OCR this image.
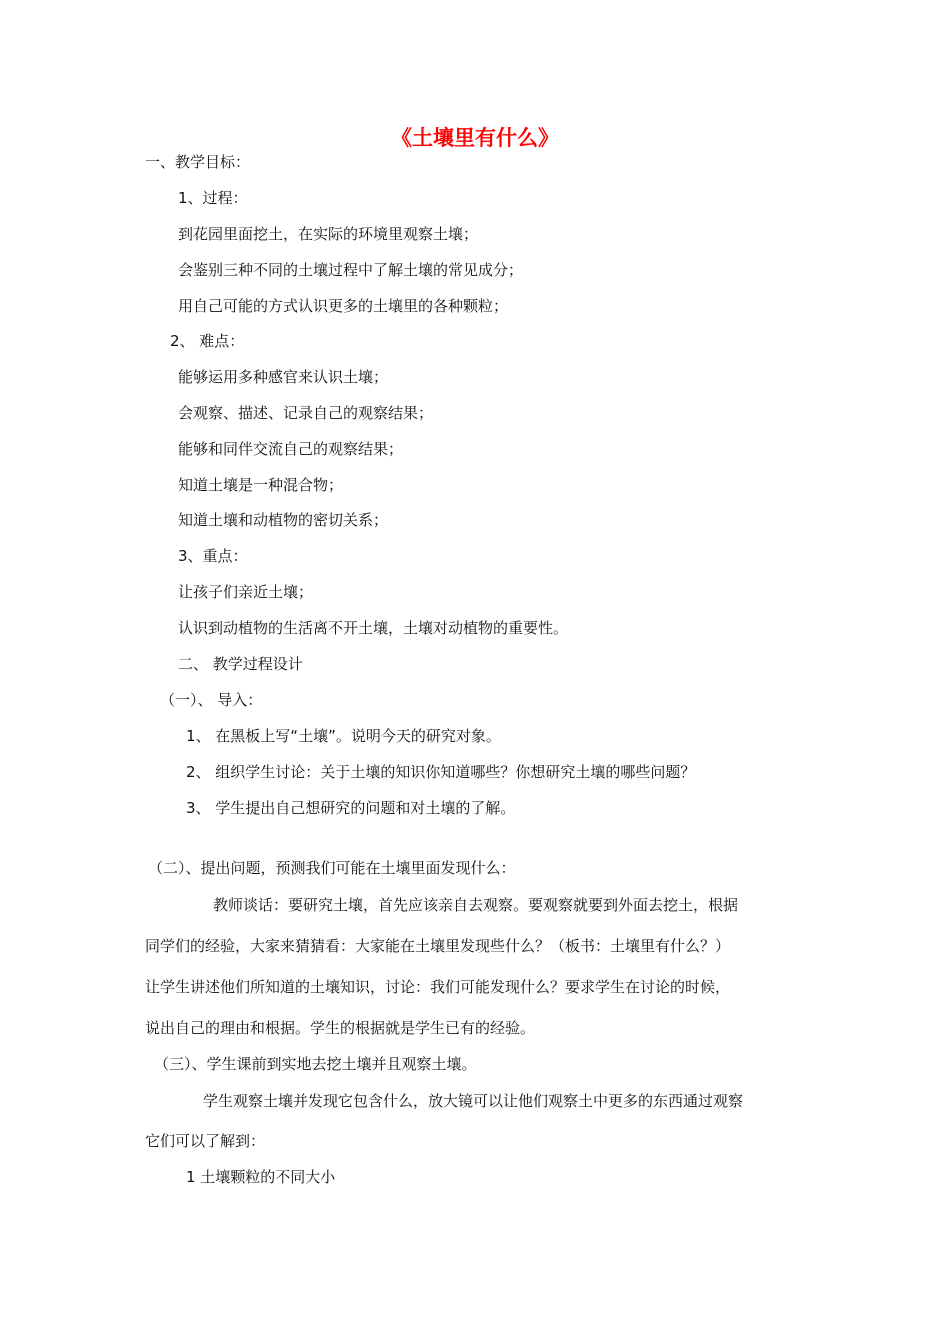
《土壤里有什么》
一、教学目标：
1、过程：
到花园里面挖土，在实际的环境里观察土壤；
会鉴别三种不同的土壤过程中了解土壤的常见成分；
用自己可能的方式认识更多的土壤里的各种颗粒；
2、 难点：
能够运用多种感官来认识土壤；
会观察、描述、记录自己的观察结果；
能够和同伴交流自己的观察结果；
知道土壤是一种混合物；
知道土壤和动植物的密切关系；
3、重点：
让孩子们亲近土壤；
认识到动植物的生活离不开土壤，土壤对动植物的重要性。
二、 教学过程设计
（一）、 导入：
1、 在黑板上写“土壤”。说明今天的研究对象。
2、 组织学生讨论：关于土壤的知识你知道哪些？你想研究土壤的哪些问题？
3、 学生提出自己想研究的问题和对土壤的了解。
（二）、提出问题，预测我们可能在土壤里面发现什么：
教师谈话：要研究土壤，首先应该亲自去观察。要观察就要到外面去挖土，根据
同学们的经验，大家来猜猜看：大家能在土壤里发现些什么？（板书：土壤里有什么？）
让学生讲述他们所知道的土壤知识，讨论：我们可能发现什么？要求学生在讨论的时候，
说出自己的理由和根据。学生的根据就是学生已有的经验。
（三）、学生课前到实地去挖土壤并且观察土壤。
学生观察土壤并发现它包含什么，放大镜可以让他们观察土中更多的东西通过观察
它们可以了解到：
1 土壤颗粒的不同大小
